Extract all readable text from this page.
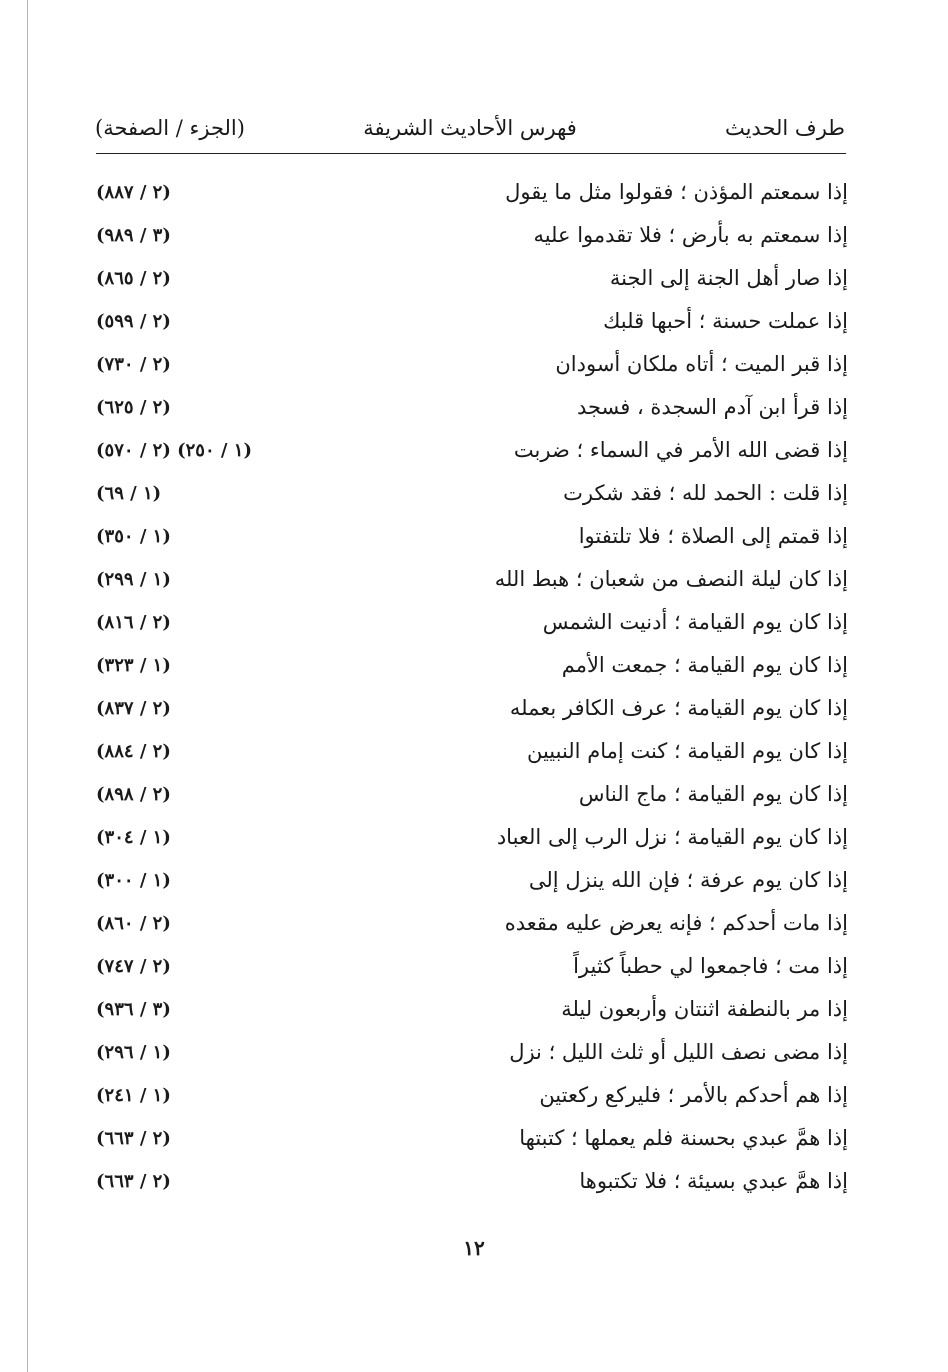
طرف الحديث
فهرس الأحاديث الشريفة
(الجزء / الصفحة)
إذا سمعتم المؤذن ؛ فقولوا مثل ما يقول
(٢ / ٨٨٧)
إذا سمعتم به بأرض ؛ فلا تقدموا عليه
(٣ / ٩٨٩)
إذا صار أهل الجنة إلى الجنة
(٢ / ٨٦٥)
إذا عملت حسنة ؛ أحبها قلبك
(٢ / ٥٩٩)
إذا قبر الميت ؛ أتاه ملكان أسودان
(٢ / ٧٣٠)
إذا قرأ ابن آدم السجدة ، فسجد
(٢ / ٦٢٥)
إذا قضى الله الأمر في السماء ؛ ضربت
(١ / ٢٥٠) (٢ / ٥٧٠)
إذا قلت : الحمد لله ؛ فقد شكرت
(١ / ٦٩)
إذا قمتم إلى الصلاة ؛ فلا تلتفتوا
(١ / ٣٥٠)
إذا كان ليلة النصف من شعبان ؛ هبط الله
(١ / ٢٩٩)
إذا كان يوم القيامة ؛ أدنيت الشمس
(٢ / ٨١٦)
إذا كان يوم القيامة ؛ جمعت الأمم
(١ / ٣٢٣)
إذا كان يوم القيامة ؛ عرف الكافر بعمله
(٢ / ٨٣٧)
إذا كان يوم القيامة ؛ كنت إمام النبيين
(٢ / ٨٨٤)
إذا كان يوم القيامة ؛ ماج الناس
(٢ / ٨٩٨)
إذا كان يوم القيامة ؛ نزل الرب إلى العباد
(١ / ٣٠٤)
إذا كان يوم عرفة ؛ فإن الله ينزل إلى
(١ / ٣٠٠)
إذا مات أحدكم ؛ فإنه يعرض عليه مقعده
(٢ / ٨٦٠)
إذا مت ؛ فاجمعوا لي حطباً كثيراً
(٢ / ٧٤٧)
إذا مر بالنطفة اثنتان وأربعون ليلة
(٣ / ٩٣٦)
إذا مضى نصف الليل أو ثلث الليل ؛ نزل
(١ / ٢٩٦)
إذا هم أحدكم بالأمر ؛ فليركع ركعتين
(١ / ٢٤١)
إذا همَّ عبدي بحسنة فلم يعملها ؛ كتبتها
(٢ / ٦٦٣)
إذا همَّ عبدي بسيئة ؛ فلا تكتبوها
(٢ / ٦٦٣)
١٢
